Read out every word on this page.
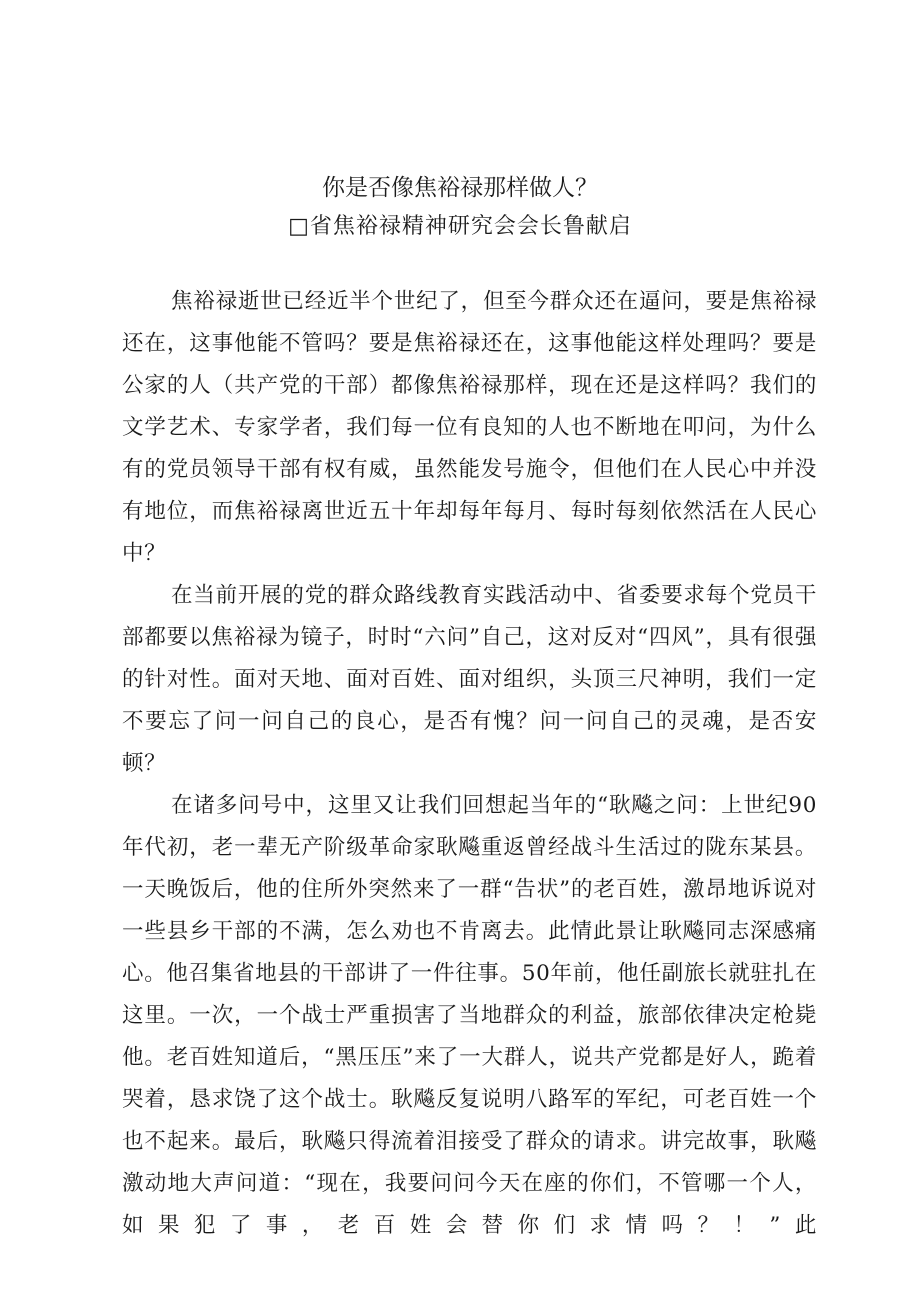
你是否像焦裕禄那样做人？
□省焦裕禄精神研究会会长鲁献启

焦裕禄逝世已经近半个世纪了，但至今群众还在逼问，要是焦裕禄还在，这事他能不管吗？要是焦裕禄还在，这事他能这样处理吗？要是公家的人（共产党的干部）都像焦裕禄那样，现在还是这样吗？我们的文学艺术、专家学者，我们每一位有良知的人也不断地在叩问，为什么有的党员领导干部有权有威，虽然能发号施令，但他们在人民心中并没有地位，而焦裕禄离世近五十年却每年每月、每时每刻依然活在人民心中？

在当前开展的党的群众路线教育实践活动中、省委要求每个党员干部都要以焦裕禄为镜子，时时“六问”自己，这对反对“四风”，具有很强的针对性。面对天地、面对百姓、面对组织，头顶三尺神明，我们一定不要忘了问一问自己的良心，是否有愧？问一问自己的灵魂，是否安顿？

在诸多问号中，这里又让我们回想起当年的“耿飚之问：上世纪90年代初，老一辈无产阶级革命家耿飚重返曾经战斗生活过的陇东某县。一天晚饭后，他的住所外突然来了一群“告状”的老百姓，激昂地诉说对一些县乡干部的不满，怎么劝也不肯离去。此情此景让耿飚同志深感痛心。他召集省地县的干部讲了一件往事。50年前，他任副旅长就驻扎在这里。一次，一个战士严重损害了当地群众的利益，旅部依律决定枪毙他。老百姓知道后，“黑压压”来了一大群人，说共产党都是好人，跪着哭着，恳求饶了这个战士。耿飚反复说明八路军的军纪，可老百姓一个也不起来。最后，耿飚只得流着泪接受了群众的请求。讲完故事，耿飚激动地大声问道：“现在，我要问问今天在座的你们，不管哪一个人，如果犯了事，老百姓会替你们求情吗？！”此
